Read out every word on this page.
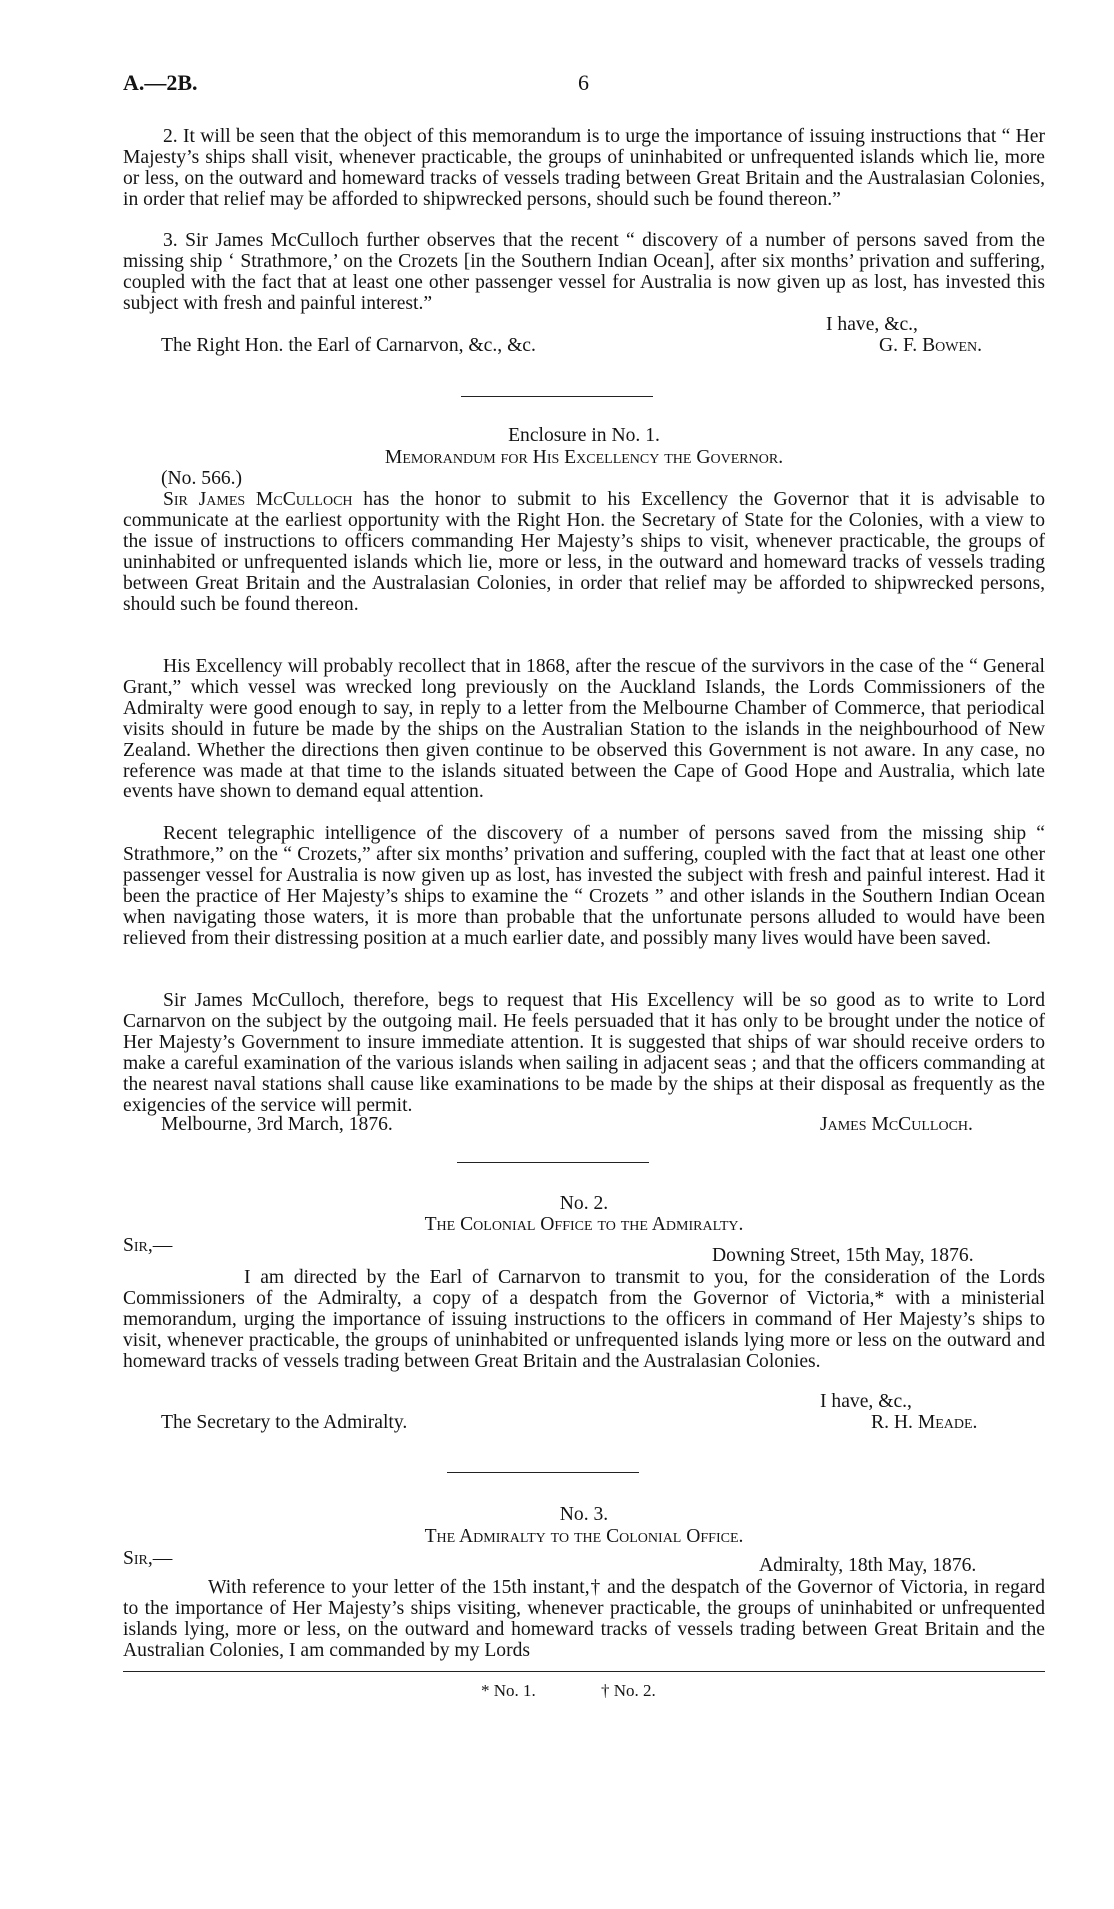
A.—2B.	6
2. It will be seen that the object of this memorandum is to urge the importance of issuing instructions that “ Her Majesty’s ships shall visit, whenever practicable, the groups of uninhabited or unfrequented islands which lie, more or less, on the outward and homeward tracks of vessels trading between Great Britain and the Australasian Colonies, in order that relief may be afforded to shipwrecked persons, should such be found thereon.”
3. Sir James McCulloch further observes that the recent “ discovery of a number of persons saved from the missing ship ‘ Strathmore,’ on the Crozets [in the Southern Indian Ocean], after six months’ privation and suffering, coupled with the fact that at least one other passenger vessel for Australia is now given up as lost, has invested this subject with fresh and painful interest.”
I have, &c.,
The Right Hon. the Earl of Carnarvon, &c., &c.	G. F. Bowen.
Enclosure in No. 1.
Memorandum for His Excellency the Governor.
(No. 566.)
Sir James McCulloch has the honor to submit to his Excellency the Governor that it is advisable to communicate at the earliest opportunity with the Right Hon. the Secretary of State for the Colonies, with a view to the issue of instructions to officers commanding Her Majesty’s ships to visit, whenever practicable, the groups of uninhabited or unfrequented islands which lie, more or less, in the outward and homeward tracks of vessels trading between Great Britain and the Australasian Colonies, in order that relief may be afforded to shipwrecked persons, should such be found thereon.
His Excellency will probably recollect that in 1868, after the rescue of the survivors in the case of the “ General Grant,” which vessel was wrecked long previously on the Auckland Islands, the Lords Commissioners of the Admiralty were good enough to say, in reply to a letter from the Melbourne Chamber of Commerce, that periodical visits should in future be made by the ships on the Australian Station to the islands in the neighbourhood of New Zealand. Whether the directions then given continue to be observed this Government is not aware. In any case, no reference was made at that time to the islands situated between the Cape of Good Hope and Australia, which late events have shown to demand equal attention.
Recent telegraphic intelligence of the discovery of a number of persons saved from the missing ship “ Strathmore,” on the “ Crozets,” after six months’ privation and suffering, coupled with the fact that at least one other passenger vessel for Australia is now given up as lost, has invested the subject with fresh and painful interest. Had it been the practice of Her Majesty’s ships to examine the “ Crozets ” and other islands in the Southern Indian Ocean when navigating those waters, it is more than probable that the unfortunate persons alluded to would have been relieved from their distressing position at a much earlier date, and possibly many lives would have been saved.
Sir James McCulloch, therefore, begs to request that His Excellency will be so good as to write to Lord Carnarvon on the subject by the outgoing mail. He feels persuaded that it has only to be brought under the notice of Her Majesty’s Government to insure immediate attention. It is suggested that ships of war should receive orders to make a careful examination of the various islands when sailing in adjacent seas ; and that the officers commanding at the nearest naval stations shall cause like examinations to be made by the ships at their disposal as frequently as the exigencies of the service will permit.
Melbourne, 3rd March, 1876.	James McCulloch.
No. 2.
The Colonial Office to the Admiralty.
Sir,—	Downing Street, 15th May, 1876.
I am directed by the Earl of Carnarvon to transmit to you, for the consideration of the Lords Commissioners of the Admiralty, a copy of a despatch from the Governor of Victoria,* with a ministerial memorandum, urging the importance of issuing instructions to the officers in command of Her Majesty’s ships to visit, whenever practicable, the groups of uninhabited or unfrequented islands lying more or less on the outward and homeward tracks of vessels trading between Great Britain and the Australasian Colonies.
I have, &c.,
The Secretary to the Admiralty.	R. H. Meade.
No. 3.
The Admiralty to the Colonial Office.
Sir,—	Admiralty, 18th May, 1876.
With reference to your letter of the 15th instant,† and the despatch of the Governor of Victoria, in regard to the importance of Her Majesty’s ships visiting, whenever practicable, the groups of uninhabited or unfrequented islands lying, more or less, on the outward and homeward tracks of vessels trading between Great Britain and the Australian Colonies, I am commanded by my Lords
* No. 1.	† No. 2.
